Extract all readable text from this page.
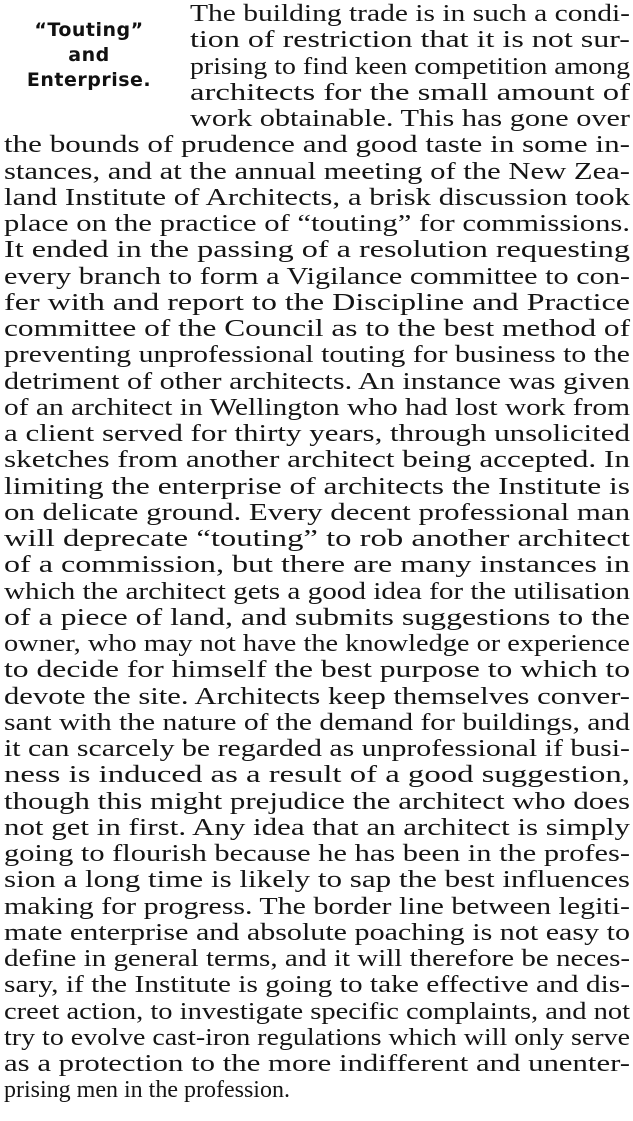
“Touting”
and
Enterprise.
The building trade is in such a condi-
tion of restriction that it is not sur-
prising to find keen competition among
architects for the small amount of
work obtainable. This has gone over
the bounds of prudence and good taste in some in-
stances, and at the annual meeting of the New Zea-
land Institute of Architects, a brisk discussion took
place on the practice of “touting” for commissions.
It ended in the passing of a resolution requesting
every branch to form a Vigilance committee to con-
fer with and report to the Discipline and Practice
committee of the Council as to the best method of
preventing unprofessional touting for business to the
detriment of other architects. An instance was given
of an architect in Wellington who had lost work from
a client served for thirty years, through unsolicited
sketches from another architect being accepted. In
limiting the enterprise of architects the Institute is
on delicate ground. Every decent professional man
will deprecate “touting” to rob another architect
of a commission, but there are many instances in
which the architect gets a good idea for the utilisation
of a piece of land, and submits suggestions to the
owner, who may not have the knowledge or experience
to decide for himself the best purpose to which to
devote the site. Architects keep themselves conver-
sant with the nature of the demand for buildings, and
it can scarcely be regarded as unprofessional if busi-
ness is induced as a result of a good suggestion,
though this might prejudice the architect who does
not get in first. Any idea that an architect is simply
going to flourish because he has been in the profes-
sion a long time is likely to sap the best influences
making for progress. The border line between legiti-
mate enterprise and absolute poaching is not easy to
define in general terms, and it will therefore be neces-
sary, if the Institute is going to take effective and dis-
creet action, to investigate specific complaints, and not
try to evolve cast-iron regulations which will only serve
as a protection to the more indifferent and unenter-
prising men in the profession.
